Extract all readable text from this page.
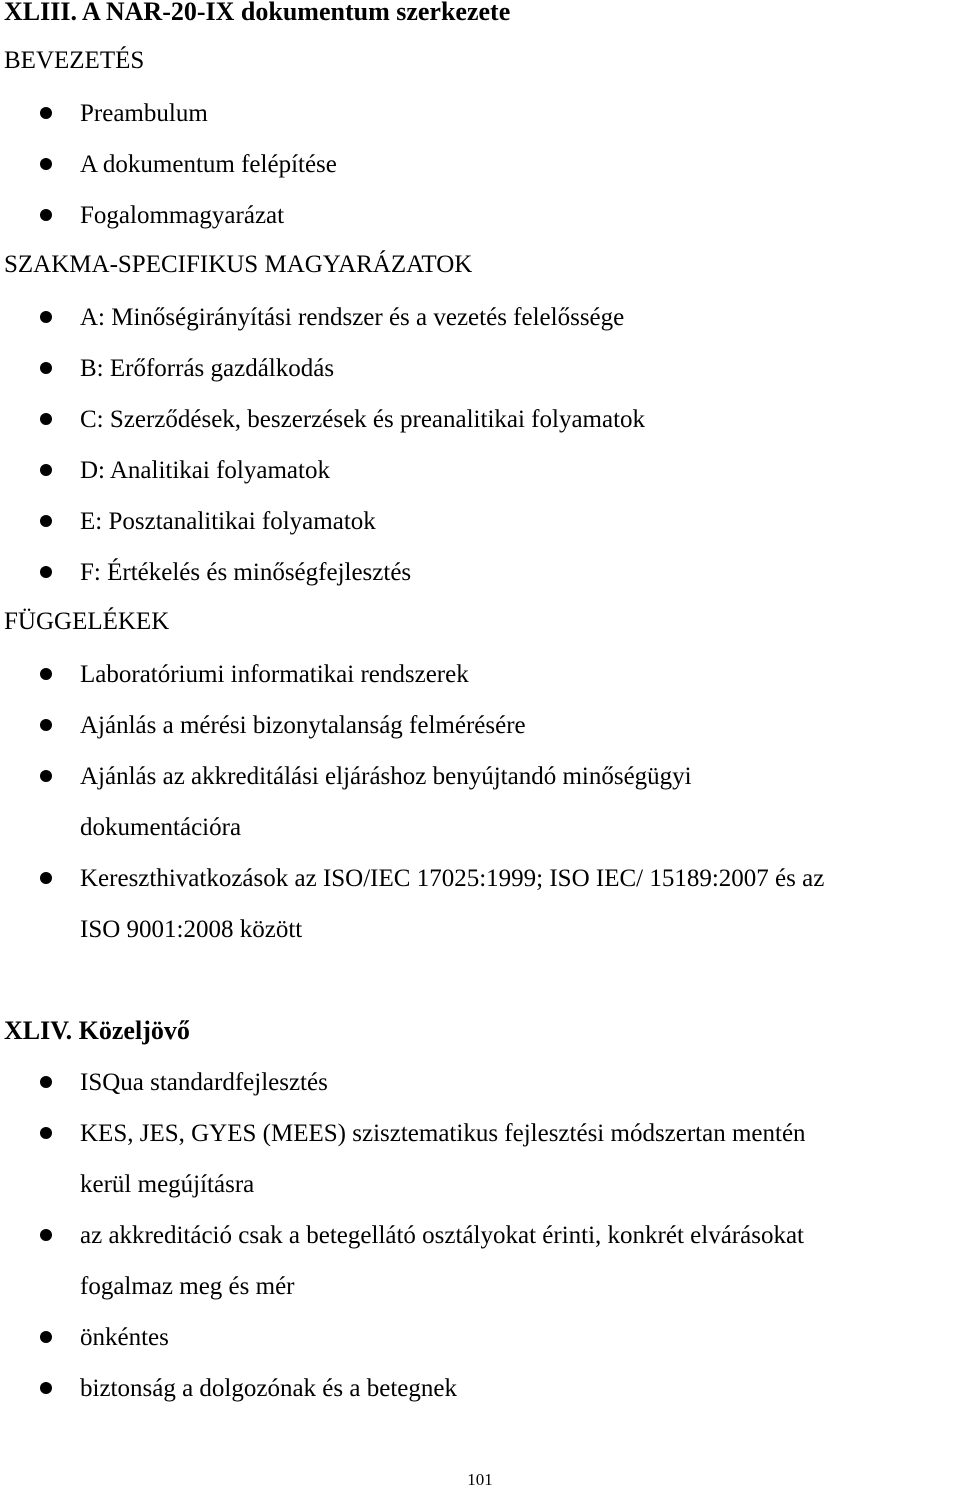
XLIII. A NAR-20-IX dokumentum szerkezete
BEVEZETÉS
Preambulum
A dokumentum felépítése
Fogalommagyarázat
SZAKMA-SPECIFIKUS MAGYARÁZATOK
A: Minőségirányítási rendszer és a vezetés felelőssége
B: Erőforrás gazdálkodás
C: Szerződések, beszerzések és preanalitikai folyamatok
D: Analitikai folyamatok
E: Posztanalitikai folyamatok
F: Értékelés és minőségfejlesztés
FÜGGELÉKEK
Laboratóriumi informatikai rendszerek
Ajánlás a mérési bizonytalanság felmérésére
Ajánlás az akkreditálási eljáráshoz benyújtandó minőségügyi
dokumentációra
Kereszthivatkozások az ISO/IEC 17025:1999; ISO IEC/ 15189:2007 és az
ISO 9001:2008 között
XLIV. Közeljövő
ISQua standardfejlesztés
KES, JES, GYES (MEES) szisztematikus fejlesztési módszertan mentén
kerül megújításra
az akkreditáció csak a betegellátó osztályokat érinti, konkrét elvárásokat
fogalmaz meg és mér
önkéntes
biztonság a dolgozónak és a betegnek
101
